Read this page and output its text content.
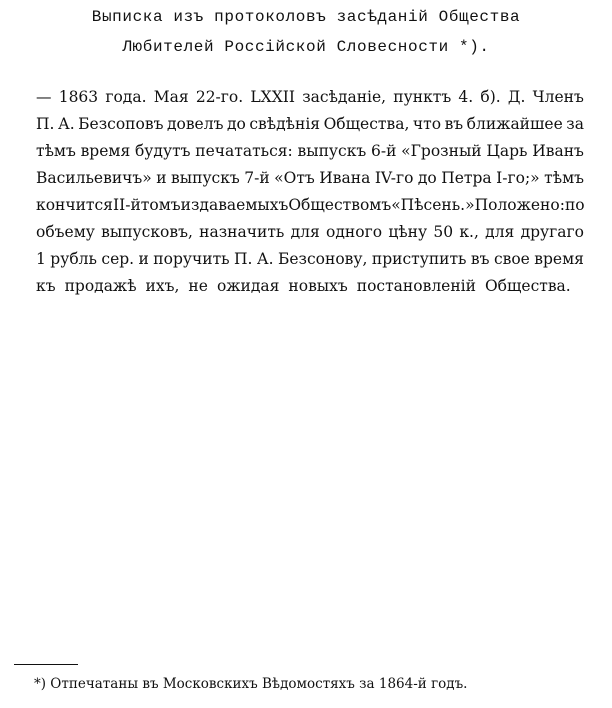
Выписка изъ протоколовъ засѣданій Общества
Любителей Россійской Словесности *).
— 1863 года. Мая 22-го. LXXII засѣданіе, пунктъ 4. б). Д. Членъ
П. А. Безсоповъ довелъ до свѣдѣнія Общества, что въ ближайшее за
тѣмъ время будутъ печататься: выпускъ 6-й «Грозный Царь Иванъ
Васильевичъ» и выпускъ 7-й «Отъ Ивана IV-го до Петра І-го;» тѣмъ
кончится II-й томъ издаваемыхъ Обществомъ «Пѣсень.» Положено: по
объему выпусковъ, назначить для одного цѣну 50 к., для другаго
1 рубль сер. и поручить П. А. Безсонову, приступить въ свое время
къ продажѣ ихъ, не ожидая новыхъ постановленій Общества.
*) Отпечатаны въ Московскихъ Вѣдомостяхъ за 1864-й годъ.
